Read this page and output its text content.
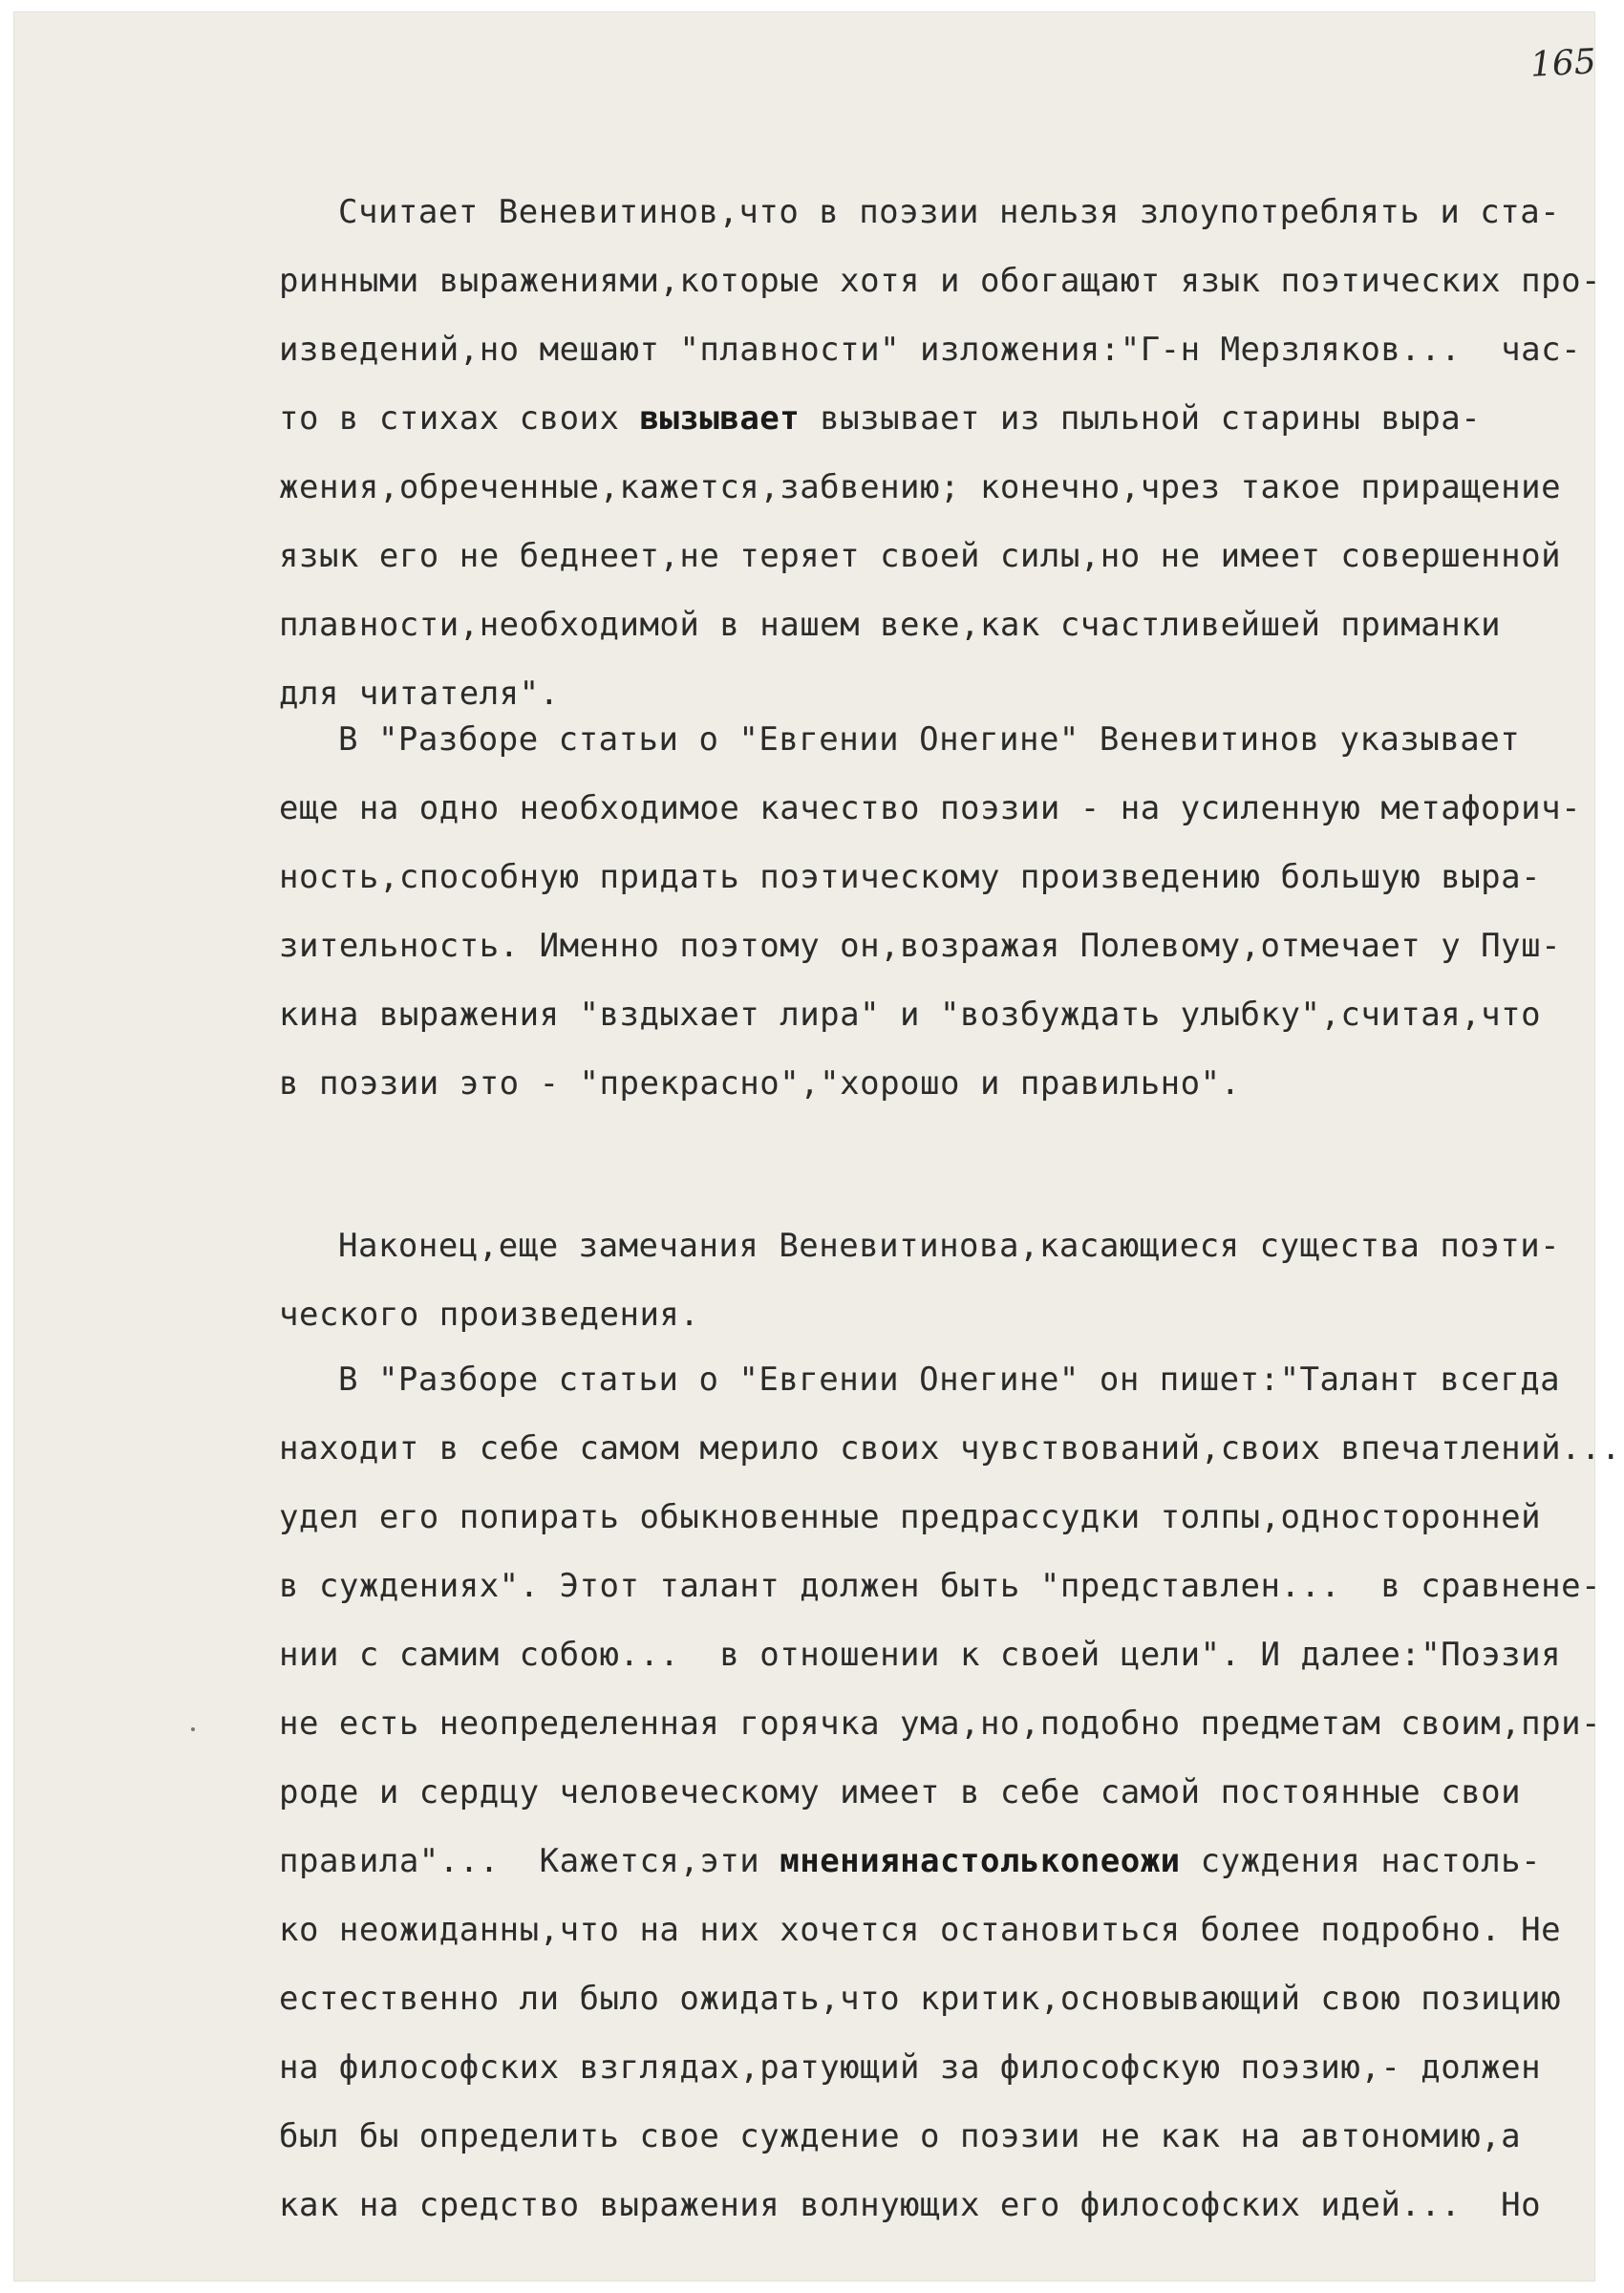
165
Считает Веневитинов,что в поэзии нельзя злоупотреблять и ста-
ринными выражениями,которые хотя и обогащают язык поэтических про-
изведений,но мешают "плавности" изложения:"Г-н Мерзляков...  час-
то в стихах своих вызывает вызывает из пыльной старины выра-
жения,обреченные,кажется,забвению; конечно,чрез такое приращение
язык его не беднеет,не теряет своей силы,но не имеет совершенной
плавности,необходимой в нашем веке,как счастливейшей приманки
для читателя".
В "Разборе статьи о "Евгении Онегине" Веневитинов указывает
еще на одно необходимое качество поэзии - на усиленную метафорич-
ность,способную придать поэтическому произведению большую выра-
зительность. Именно поэтому он,возражая Полевому,отмечает у Пуш-
кина выражения "вздыхает лира" и "возбуждать улыбку",считая,что
в поэзии это - "прекрасно","хорошо и правильно".
Наконец,еще замечания Веневитинова,касающиеся существа поэти-
ческого произведения.
В "Разборе статьи о "Евгении Онегине" он пишет:"Талант всегда
находит в себе самом мерило своих чувствований,своих впечатлений...
удел его попирать обыкновенные предрассудки толпы,односторонней
в суждениях". Этот талант должен быть "представлен...  в сравнене-
нии с самим собою...  в отношении к своей цели". И далее:"Поэзия
не есть неопределенная горячка ума,но,подобно предметам своим,при-
роде и сердцу человеческому имеет в себе самой постоянные свои
правила"...  Кажется,эти мнениянастолькоnеожи суждения настоль-
ко неожиданны,что на них хочется остановиться более подробно. Не
естественно ли было ожидать,что критик,основывающий свою позицию
на философских взглядах,ратующий за философскую поэзию,- должен
был бы определить свое суждение о поэзии не как на автономию,а
как на средство выражения волнующих его философских идей...  Но
